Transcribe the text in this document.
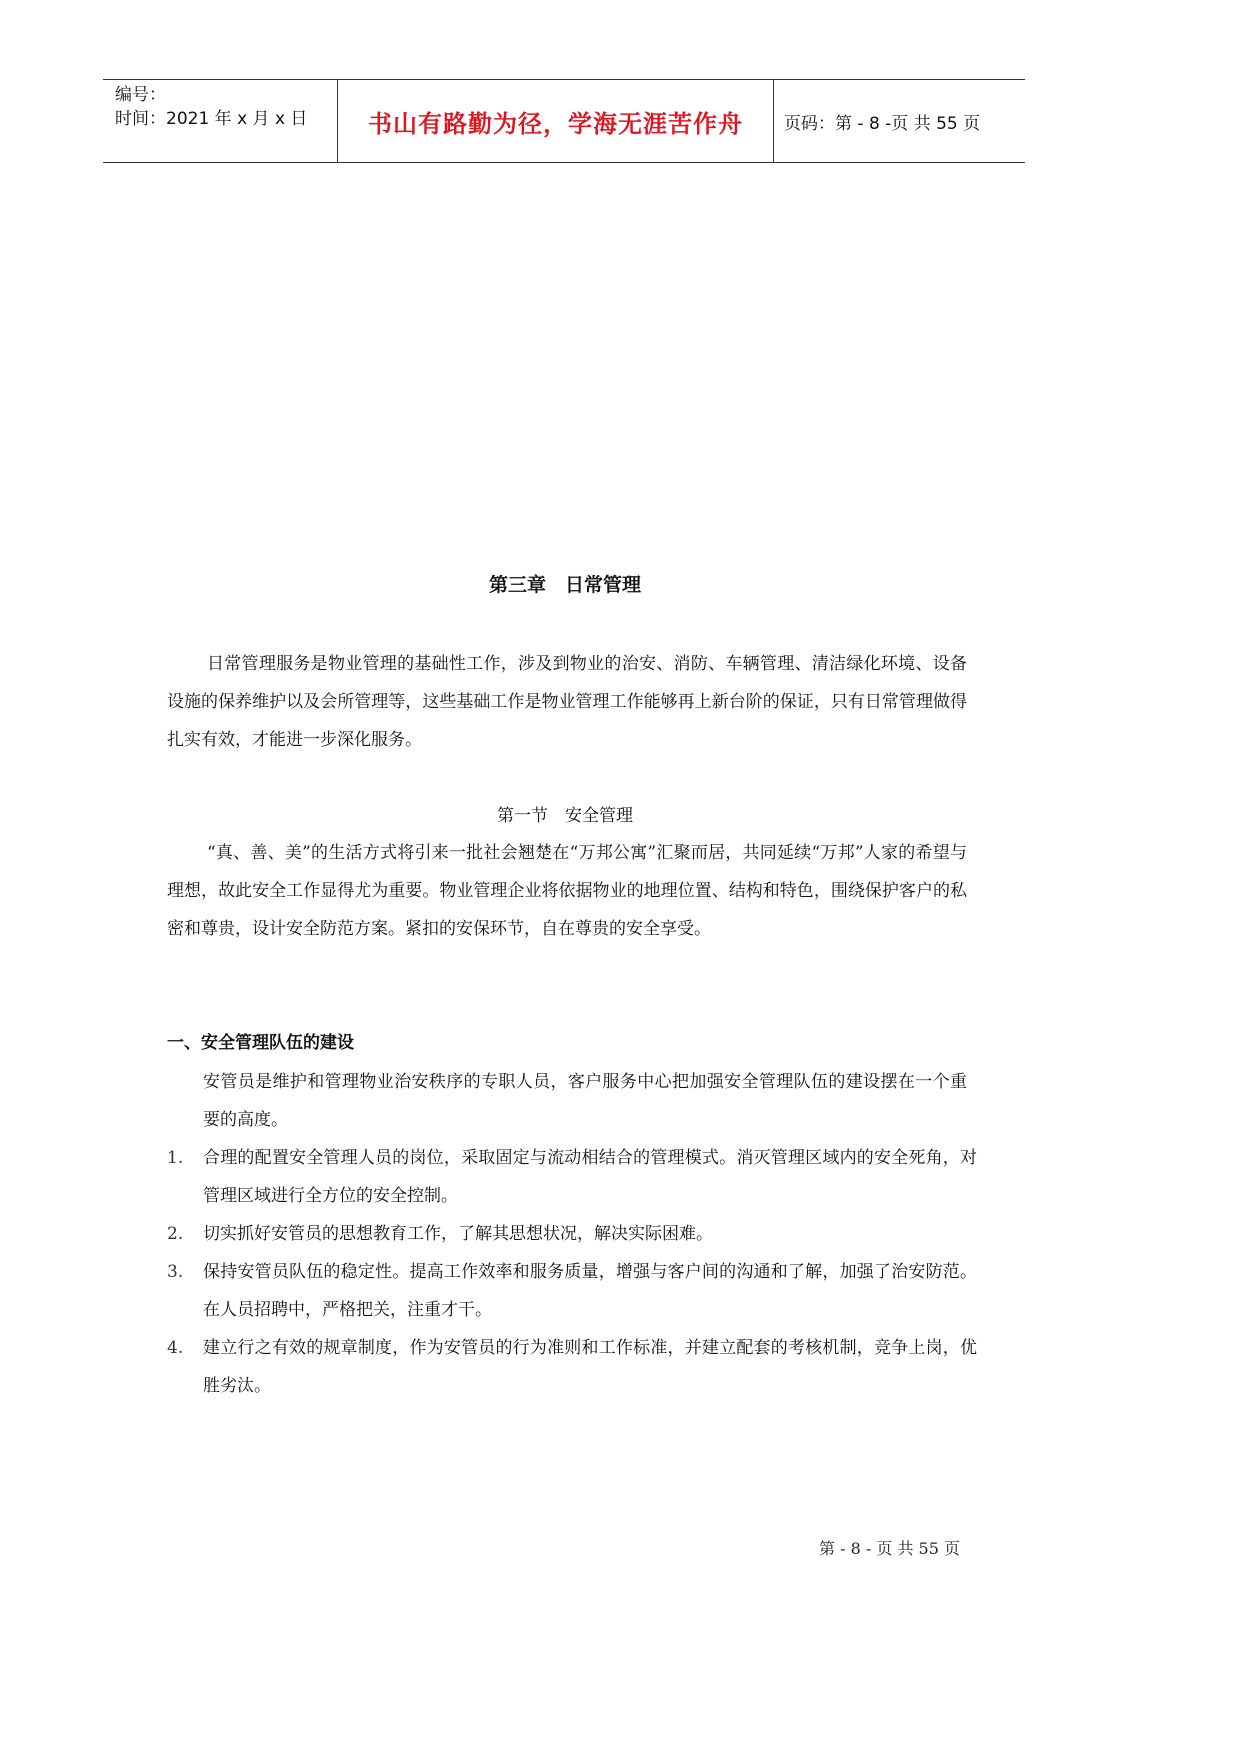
编号：
时间：2021 年 x 月 x 日	书山有路勤为径，学海无涯苦作舟	页码：第 - 8 -页 共 55 页
第三章　日常管理
日常管理服务是物业管理的基础性工作，涉及到物业的治安、消防、车辆管理、清洁绿化环境、设备设施的保养维护以及会所管理等，这些基础工作是物业管理工作能够再上新台阶的保证，只有日常管理做得扎实有效，才能进一步深化服务。
第一节　安全管理
“真、善、美”的生活方式将引来一批社会翘楚在“万邦公寓”汇聚而居，共同延续“万邦”人家的希望与理想，故此安全工作显得尤为重要。物业管理企业将依据物业的地理位置、结构和特色，围绕保护客户的私密和尊贵，设计安全防范方案。紧扣的安保环节，自在尊贵的安全享受。
一、安全管理队伍的建设
安管员是维护和管理物业治安秩序的专职人员，客户服务中心把加强安全管理队伍的建设摆在一个重要的高度。
1.	合理的配置安全管理人员的岗位，采取固定与流动相结合的管理模式。消灭管理区域内的安全死角，对管理区域进行全方位的安全控制。
2.	切实抓好安管员的思想教育工作，了解其思想状况，解决实际困难。
3.	保持安管员队伍的稳定性。提高工作效率和服务质量，增强与客户间的沟通和了解，加强了治安防范。在人员招聘中，严格把关，注重才干。
4.	建立行之有效的规章制度，作为安管员的行为准则和工作标准，并建立配套的考核机制，竞争上岗，优胜劣汰。
第 - 8 - 页 共 55 页
